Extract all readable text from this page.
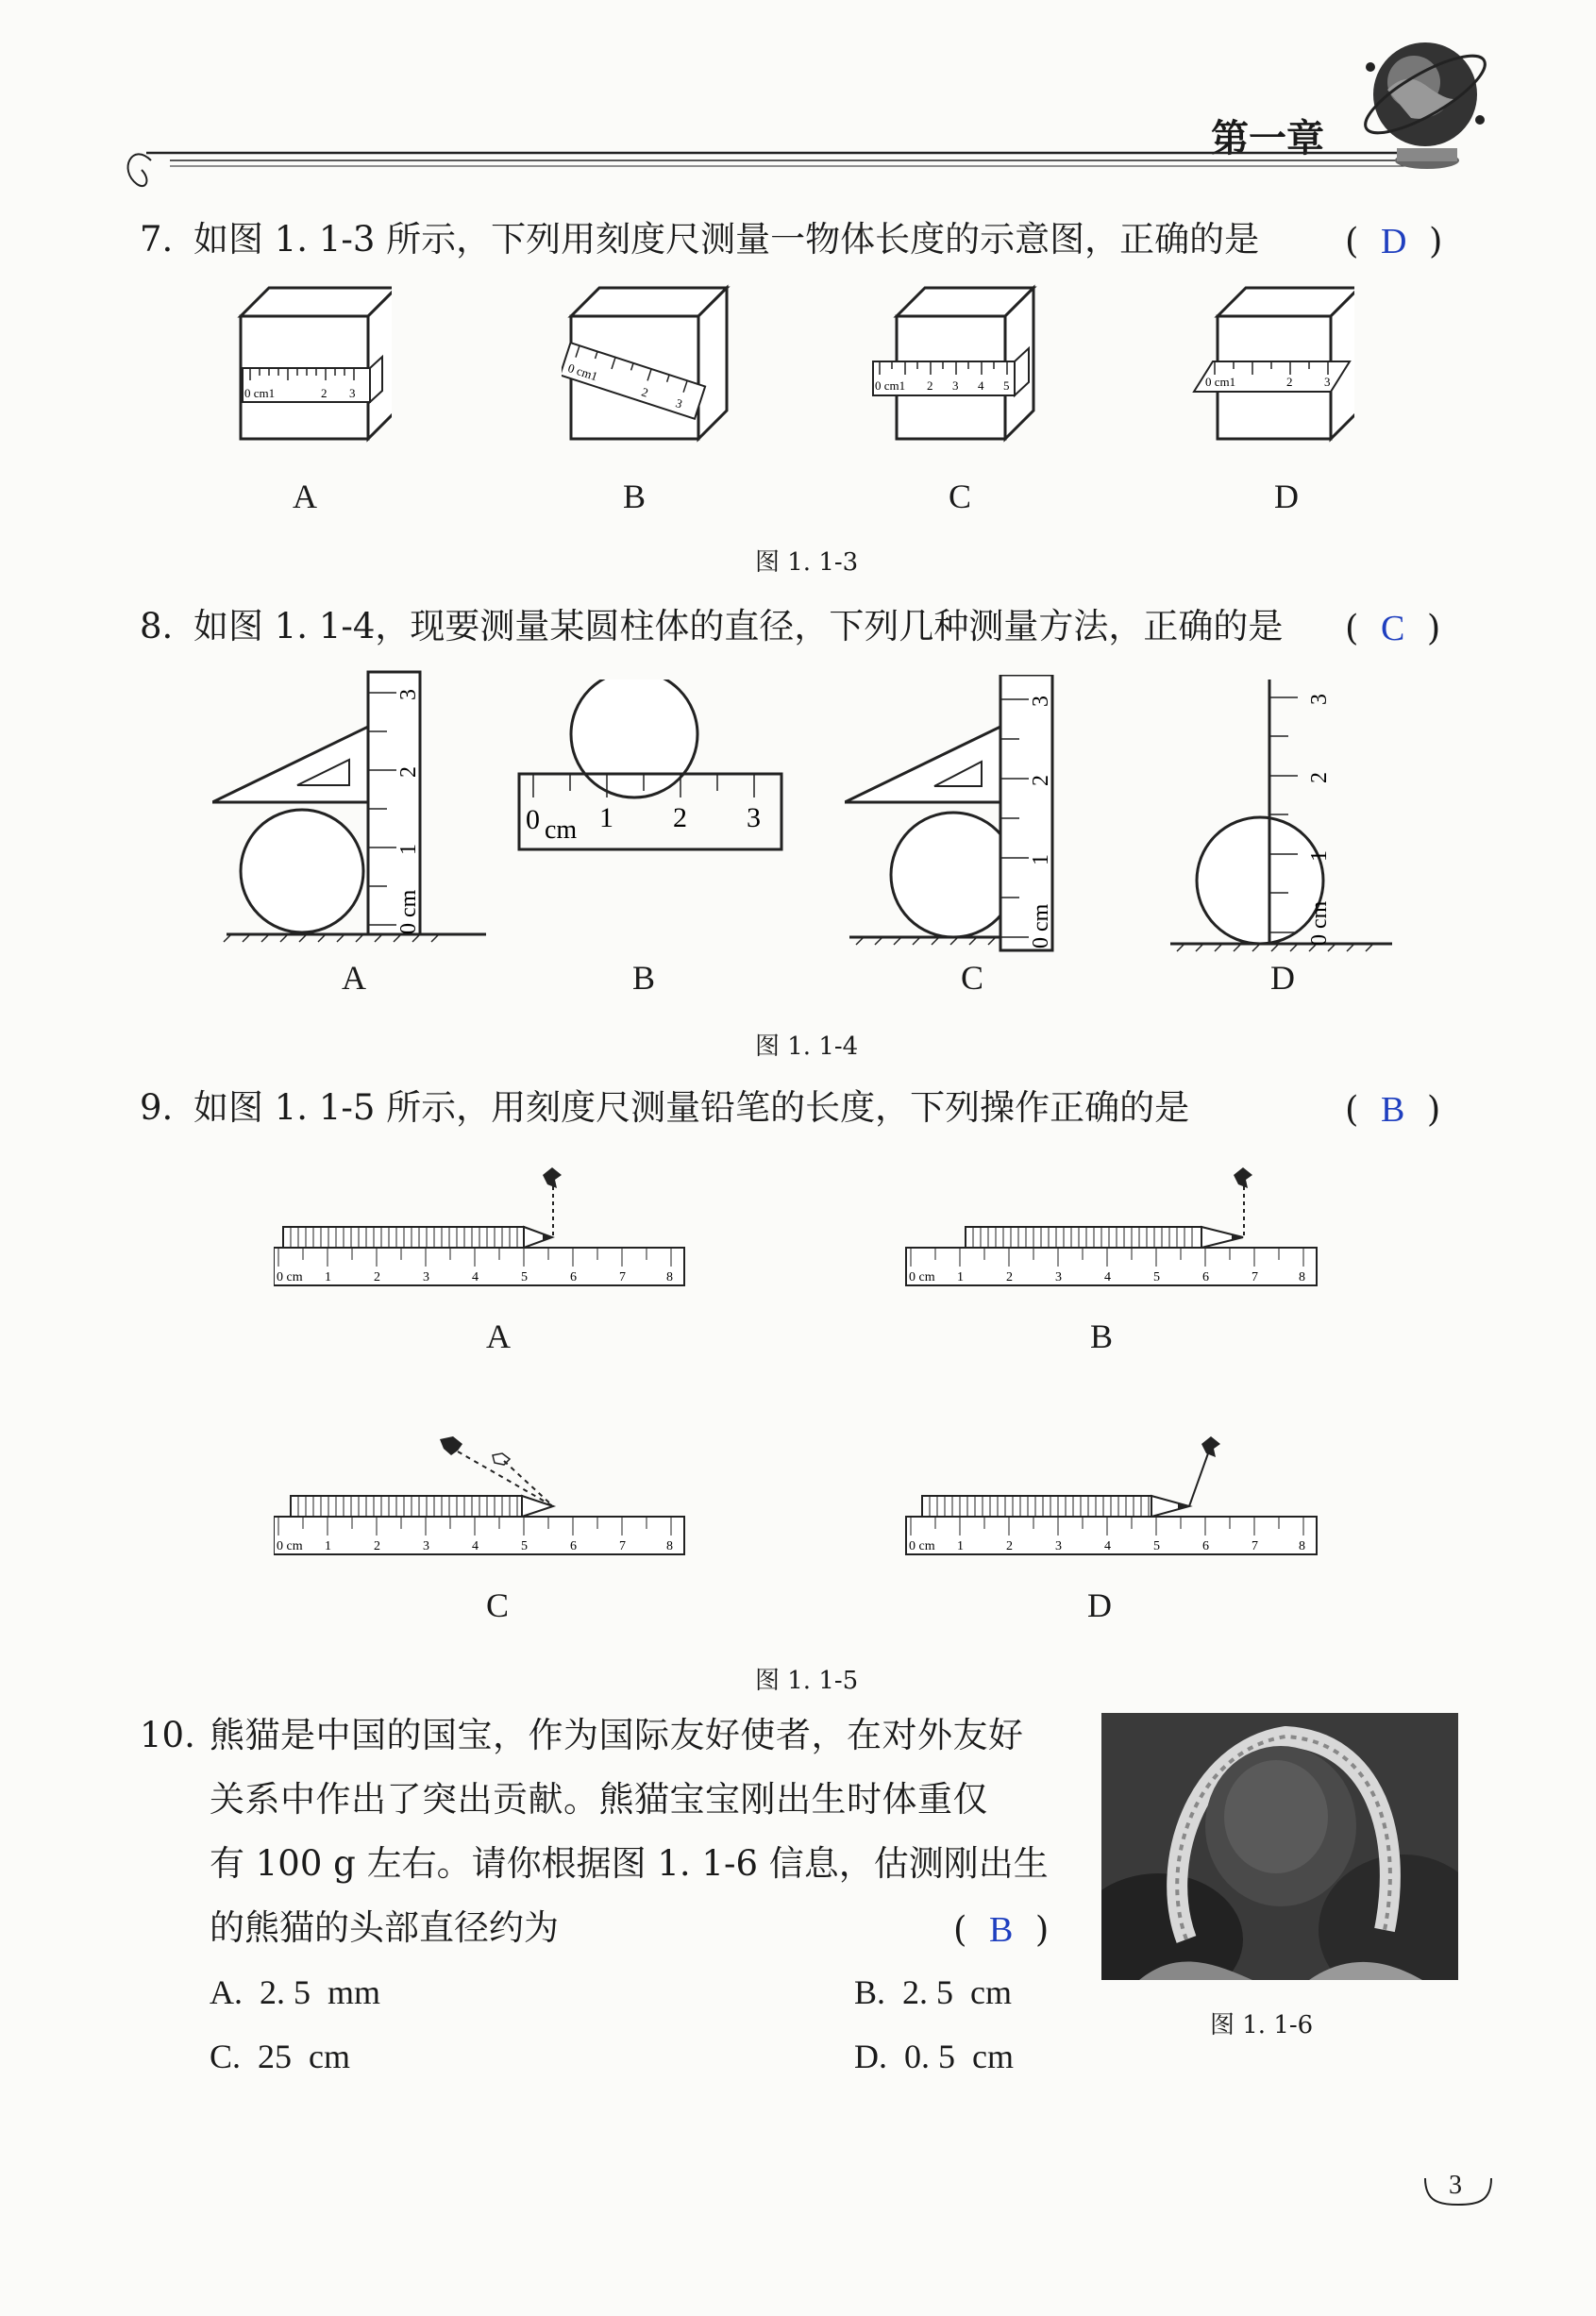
第一章
7. 如图 1. 1-3 所示，下列用刻度尺测量一物体长度的示意图，正确的是 (  D  )
0 cm1	2 3
A
0 cm1
2
3
B
0 cm1 2 3 4 5
C
0 cm1	2	3
D
图 1. 1-3
8. 如图 1. 1-4，现要测量某圆柱体的直径，下列几种测量方法，正确的是 (  C  )
0 cm
1
2
3
A
0 cm 1 2 3
B
0 cm
1
2
3
C
0 cm
1
2
3
D
图 1. 1-4
9. 如图 1. 1-5 所示，用刻度尺测量铅笔的长度，下列操作正确的是	(  B  )
0 cm 1	2	3	4	5	6	7	8
A
0 cm 1	2	3	4	5	6	7	8
B
0 cm 1	2	3	4	5	6	7	8
C
0 cm 1	2	3	4	5	6	7	8
D
图 1. 1-5
10. 熊猫是中国的国宝，作为国际友好使者，在对外友好
关系中作出了突出贡献。熊猫宝宝刚出生时体重仅
有 100 g 左右。请你根据图 1. 1-6 信息，估测刚出生
的熊猫的头部直径约为	(  B  )
A.  2. 5  mm	B.  2. 5  cm
C.  25  cm	D.  0. 5  cm
图 1. 1-6
3
